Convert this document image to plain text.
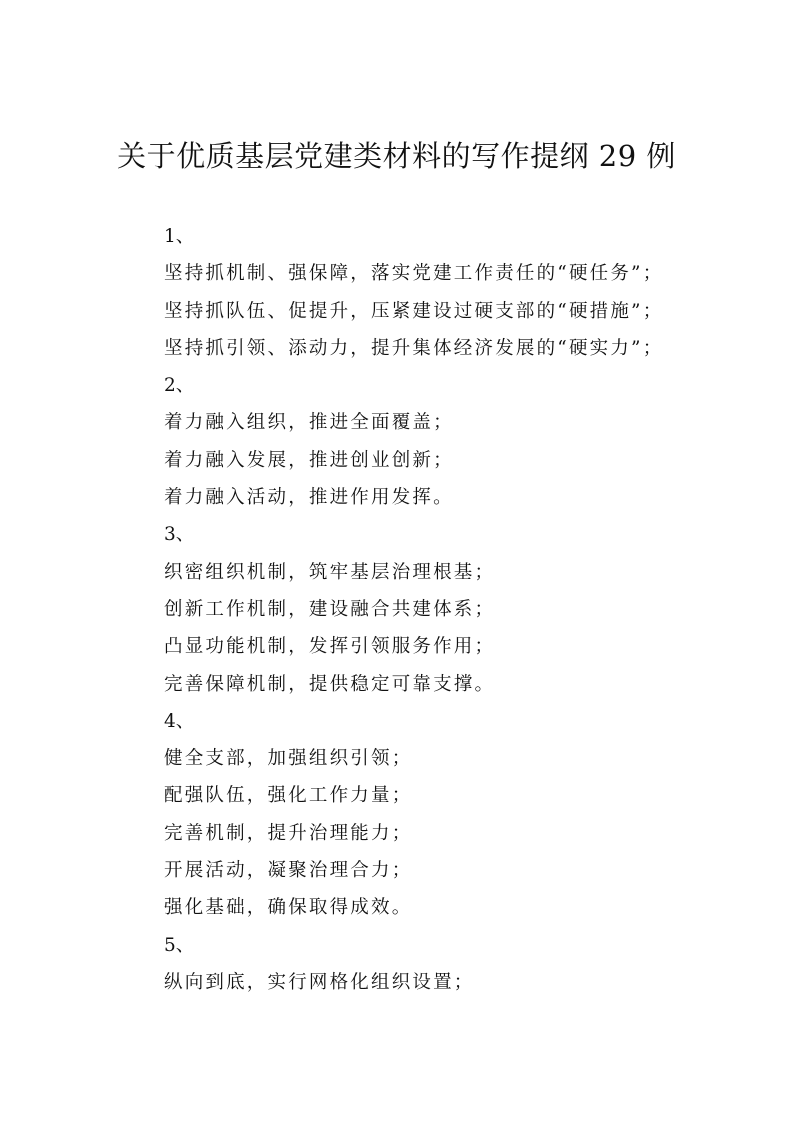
关于优质基层党建类材料的写作提纲 29 例
1、
坚持抓机制、强保障，落实党建工作责任的“硬任务”；
坚持抓队伍、促提升，压紧建设过硬支部的“硬措施”；
坚持抓引领、添动力，提升集体经济发展的“硬实力”；
2、
着力融入组织，推进全面覆盖；
着力融入发展，推进创业创新；
着力融入活动，推进作用发挥。
3、
织密组织机制，筑牢基层治理根基；
创新工作机制，建设融合共建体系；
凸显功能机制，发挥引领服务作用；
完善保障机制，提供稳定可靠支撑。
4、
健全支部，加强组织引领；
配强队伍，强化工作力量；
完善机制，提升治理能力；
开展活动，凝聚治理合力；
强化基础，确保取得成效。
5、
纵向到底，实行网格化组织设置；
